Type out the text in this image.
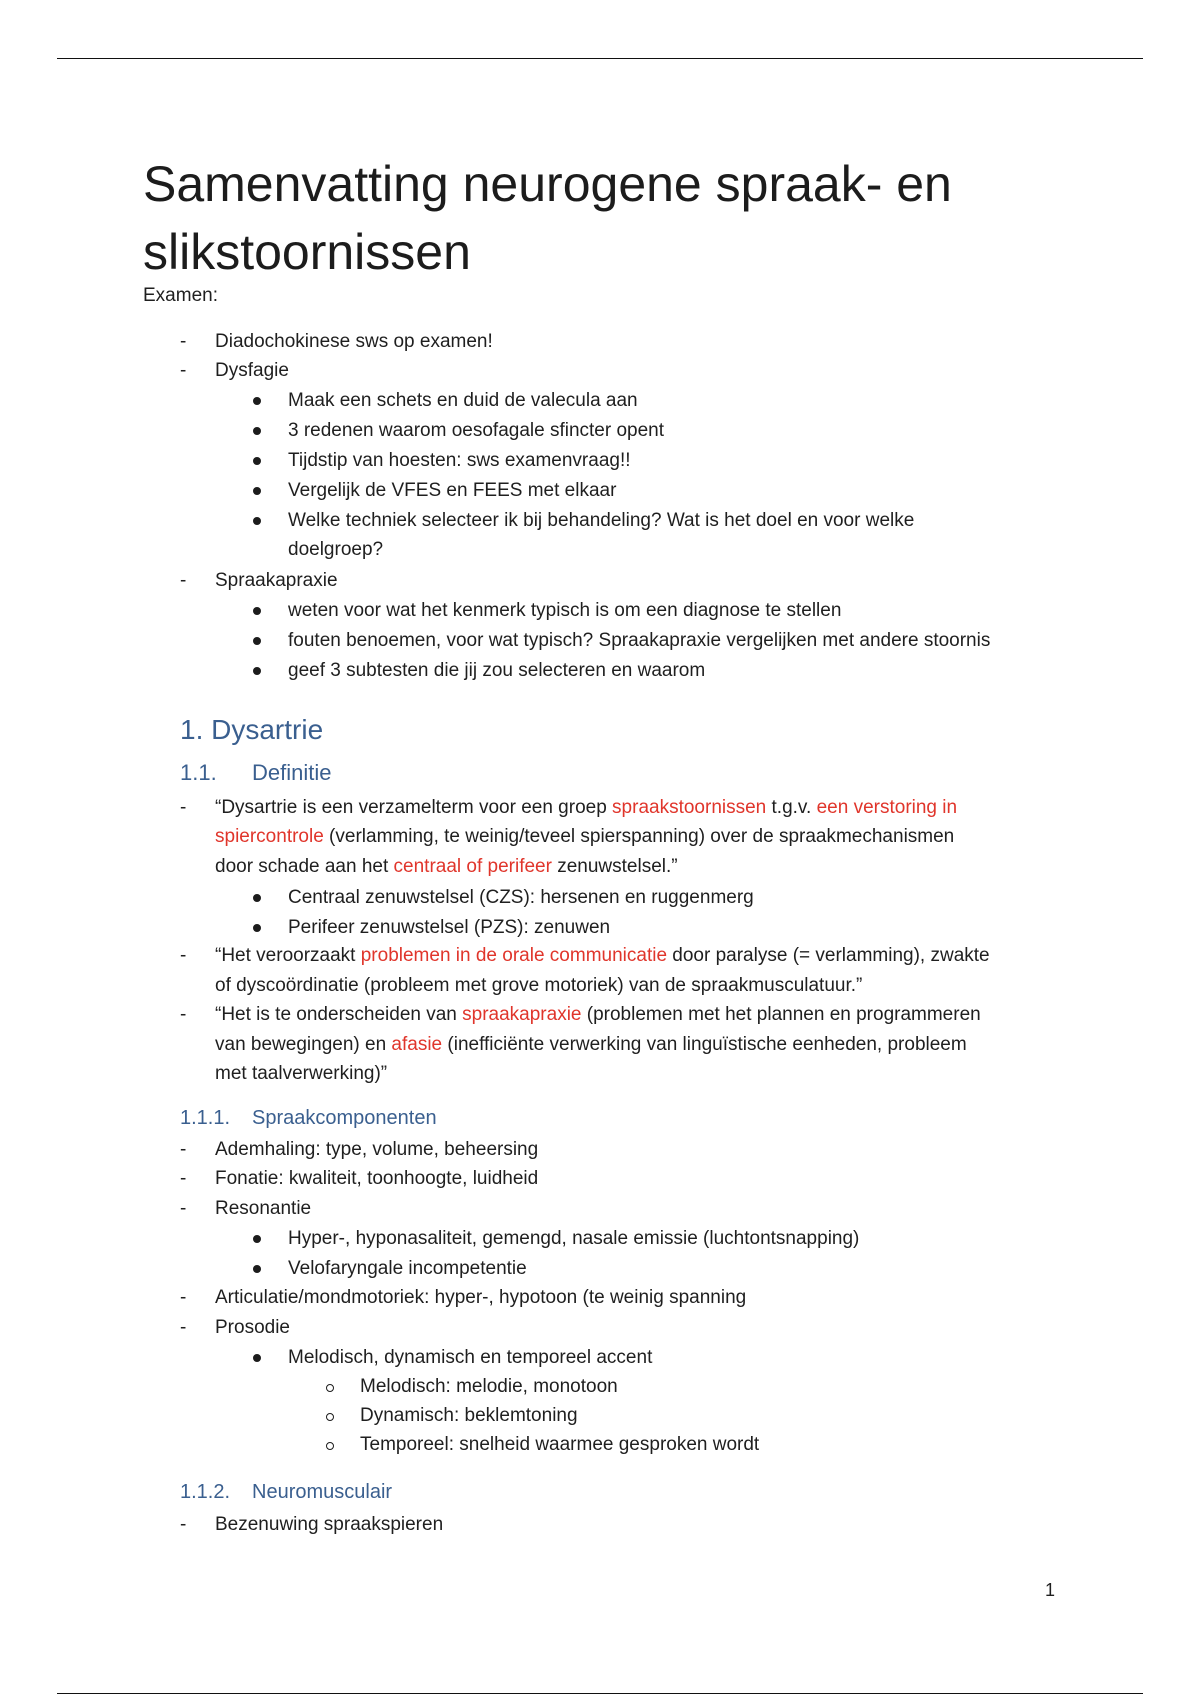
Samenvatting neurogene spraak- en slikstoornissen
Examen:
- Diadochokinese sws op examen!
- Dysfagie
Maak een schets en duid de valecula aan
3 redenen waarom oesofagale sfincter opent
Tijdstip van hoesten: sws examenvraag!!
Vergelijk de VFES en FEES met elkaar
Welke techniek selecteer ik bij behandeling? Wat is het doel en voor welke
doelgroep?
- Spraakapraxie
weten voor wat het kenmerk typisch is om een diagnose te stellen
fouten benoemen, voor wat typisch? Spraakapraxie vergelijken met andere stoornis
geef 3 subtesten die jij zou selecteren en waarom
1. Dysartrie
1.1. Definitie
- “Dysartrie is een verzamelterm voor een groep spraakstoornissen t.g.v. een verstoring in
spiercontrole (verlamming, te weinig/teveel spierspanning) over de spraakmechanismen
door schade aan het centraal of perifeer zenuwstelsel.”
Centraal zenuwstelsel (CZS): hersenen en ruggenmerg
Perifeer zenuwstelsel (PZS): zenuwen
- “Het veroorzaakt problemen in de orale communicatie door paralyse (= verlamming), zwakte
of dyscoördinatie (probleem met grove motoriek) van de spraakmusculatuur.”
- “Het is te onderscheiden van spraakapraxie (problemen met het plannen en programmeren
van bewegingen) en afasie (inefficiënte verwerking van linguïstische eenheden, probleem
met taalverwerking)”
1.1.1. Spraakcomponenten
- Ademhaling: type, volume, beheersing
- Fonatie: kwaliteit, toonhoogte, luidheid
- Resonantie
Hyper-, hyponasaliteit, gemengd, nasale emissie (luchtontsnapping)
Velofaryngale incompetentie
- Articulatie/mondmotoriek: hyper-, hypotoon (te weinig spanning
- Prosodie
Melodisch, dynamisch en temporeel accent
Melodisch: melodie, monotoon
Dynamisch: beklemtoning
Temporeel: snelheid waarmee gesproken wordt
1.1.2. Neuromusculair
- Bezenuwing spraakspieren
1
